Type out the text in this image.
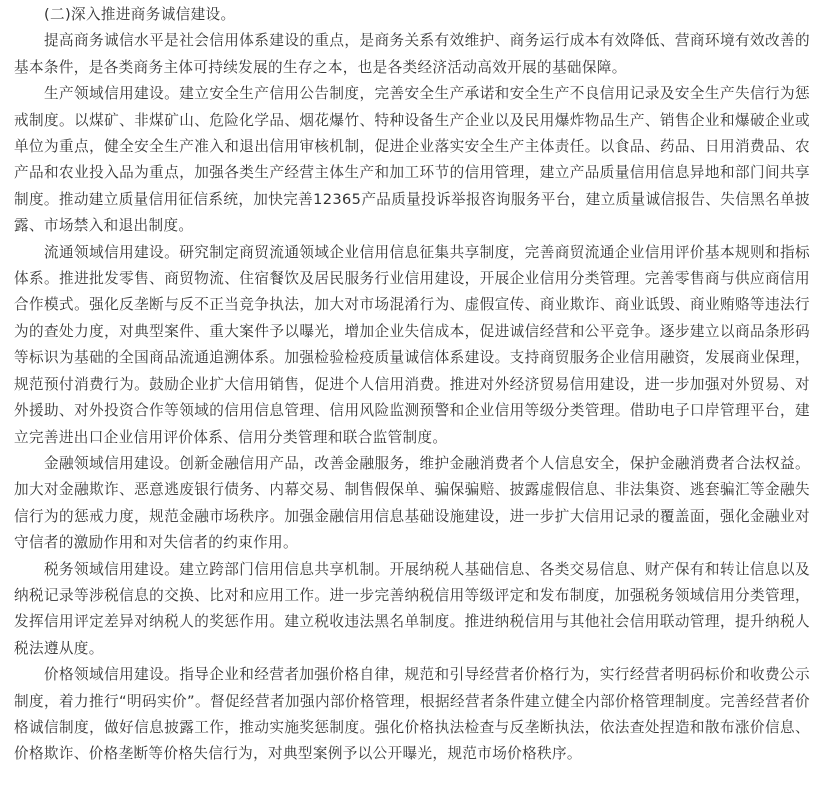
(二)深入推进商务诚信建设。

提高商务诚信水平是社会信用体系建设的重点，是商务关系有效维护、商务运行成本有效降低、营商环境有效改善的基本条件，是各类商务主体可持续发展的生存之本，也是各类经济活动高效开展的基础保障。

生产领域信用建设。建立安全生产信用公告制度，完善安全生产承诺和安全生产不良信用记录及安全生产失信行为惩戒制度。以煤矿、非煤矿山、危险化学品、烟花爆竹、特种设备生产企业以及民用爆炸物品生产、销售企业和爆破企业或单位为重点，健全安全生产准入和退出信用审核机制，促进企业落实安全生产主体责任。以食品、药品、日用消费品、农产品和农业投入品为重点，加强各类生产经营主体生产和加工环节的信用管理，建立产品质量信用信息异地和部门间共享制度。推动建立质量信用征信系统，加快完善12365产品质量投诉举报咨询服务平台，建立质量诚信报告、失信黑名单披露、市场禁入和退出制度。

流通领域信用建设。研究制定商贸流通领域企业信用信息征集共享制度，完善商贸流通企业信用评价基本规则和指标体系。推进批发零售、商贸物流、住宿餐饮及居民服务行业信用建设，开展企业信用分类管理。完善零售商与供应商信用合作模式。强化反垄断与反不正当竞争执法，加大对市场混淆行为、虚假宣传、商业欺诈、商业诋毁、商业贿赂等违法行为的查处力度，对典型案件、重大案件予以曝光，增加企业失信成本，促进诚信经营和公平竞争。逐步建立以商品条形码等标识为基础的全国商品流通追溯体系。加强检验检疫质量诚信体系建设。支持商贸服务企业信用融资，发展商业保理，规范预付消费行为。鼓励企业扩大信用销售，促进个人信用消费。推进对外经济贸易信用建设，进一步加强对外贸易、对外援助、对外投资合作等领域的信用信息管理、信用风险监测预警和企业信用等级分类管理。借助电子口岸管理平台，建立完善进出口企业信用评价体系、信用分类管理和联合监管制度。

金融领域信用建设。创新金融信用产品，改善金融服务，维护金融消费者个人信息安全，保护金融消费者合法权益。加大对金融欺诈、恶意逃废银行债务、内幕交易、制售假保单、骗保骗赔、披露虚假信息、非法集资、逃套骗汇等金融失信行为的惩戒力度，规范金融市场秩序。加强金融信用信息基础设施建设，进一步扩大信用记录的覆盖面，强化金融业对守信者的激励作用和对失信者的约束作用。

税务领域信用建设。建立跨部门信用信息共享机制。开展纳税人基础信息、各类交易信息、财产保有和转让信息以及纳税记录等涉税信息的交换、比对和应用工作。进一步完善纳税信用等级评定和发布制度，加强税务领域信用分类管理，发挥信用评定差异对纳税人的奖惩作用。建立税收违法黑名单制度。推进纳税信用与其他社会信用联动管理，提升纳税人税法遵从度。

价格领域信用建设。指导企业和经营者加强价格自律，规范和引导经营者价格行为，实行经营者明码标价和收费公示制度，着力推行“明码实价”。督促经营者加强内部价格管理，根据经营者条件建立健全内部价格管理制度。完善经营者价格诚信制度，做好信息披露工作，推动实施奖惩制度。强化价格执法检查与反垄断执法，依法查处捏造和散布涨价信息、价格欺诈、价格垄断等价格失信行为，对典型案例予以公开曝光，规范市场价格秩序。
